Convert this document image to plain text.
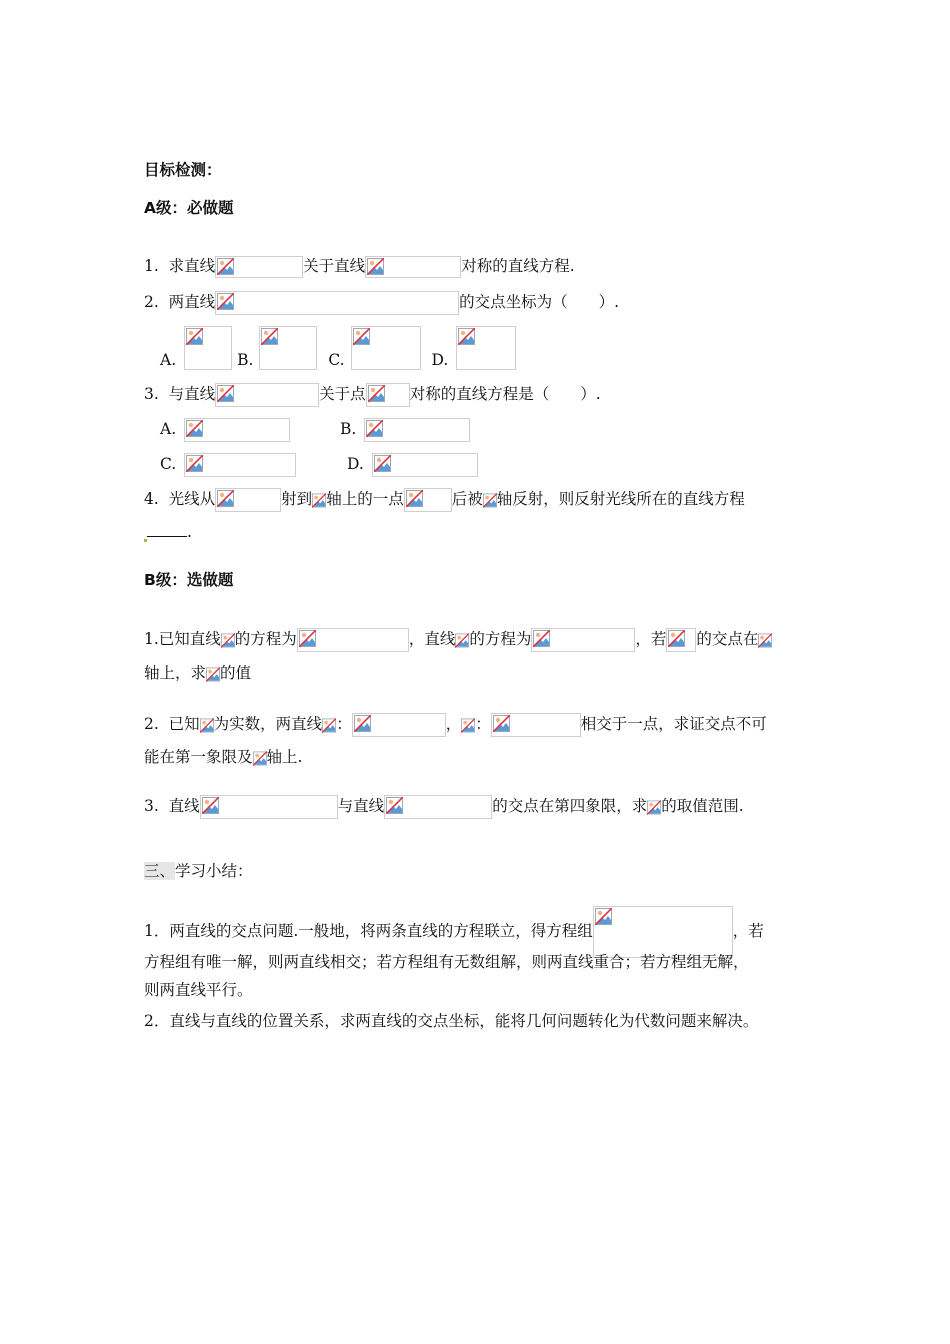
目标检测：
A级：必做题
1. 求直线	关于直线	对称的直线方程.
2. 两直线	的交点坐标为（　　）.
A.	B.	C.	D.
3. 与直线	关于点	对称的直线方程是（　　）.
A.	B.
C.	D.
4. 光线从	射到 轴上的一点	后被 轴反射，则反射光线所在的直线方程
.
B级：选做题
1.已知直线 的方程为	，直线 的方程为	，若 的交点在
轴上，求 的值
2. 已知 为实数，两直线 ：	， ：	相交于一点，求证交点不可
能在第一象限及 轴上.
3. 直线	与直线	的交点在第四象限，求 的取值范围.
三、学习小结：
1．两直线的交点问题.一般地，将两条直线的方程联立，得方程组	，若
方程组有唯一解，则两直线相交；若方程组有无数组解，则两直线重合；若方程组无解，
则两直线平行。
2．直线与直线的位置关系，求两直线的交点坐标，能将几何问题转化为代数问题来解决。
